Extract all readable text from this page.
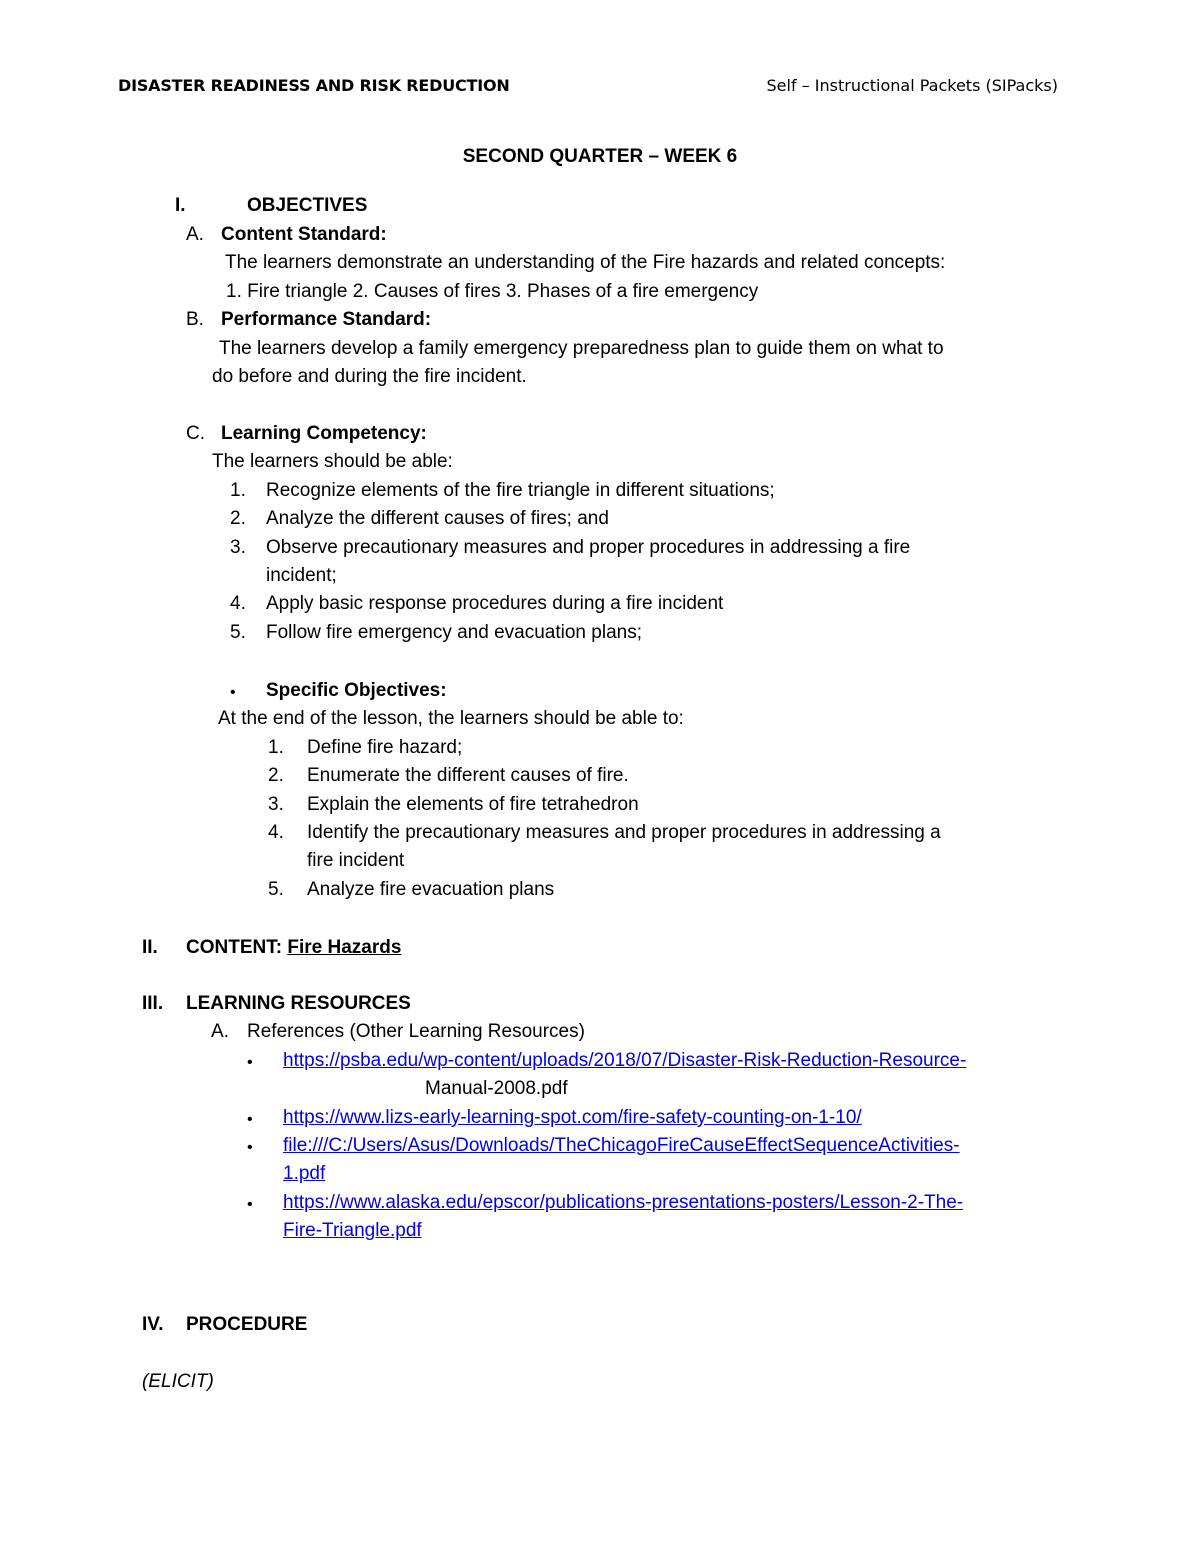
DISASTER READINESS AND RISK REDUCTION	Self – Instructional Packets (SIPacks)
SECOND QUARTER – WEEK 6
I.	OBJECTIVES
A. Content Standard:
The learners demonstrate an understanding of the Fire hazards and related concepts:
1. Fire triangle 2. Causes of fires 3. Phases of a fire emergency
B. Performance Standard:
The learners develop a family emergency preparedness plan to guide them on what to
do before and during the fire incident.
C. Learning Competency:
The learners should be able:
1. Recognize elements of the fire triangle in different situations;
2. Analyze the different causes of fires; and
3. Observe precautionary measures and proper procedures in addressing a fire
incident;
4. Apply basic response procedures during a fire incident
5. Follow fire emergency and evacuation plans;
• Specific Objectives:
At the end of the lesson, the learners should be able to:
1. Define fire hazard;
2. Enumerate the different causes of fire.
3. Explain the elements of fire tetrahedron
4. Identify the precautionary measures and proper procedures in addressing a
fire incident
5. Analyze fire evacuation plans
II. CONTENT: Fire Hazards
III. LEARNING RESOURCES
A. References (Other Learning Resources)
• https://psba.edu/wp-content/uploads/2018/07/Disaster-Risk-Reduction-Resource-
Manual-2008.pdf
• https://www.lizs-early-learning-spot.com/fire-safety-counting-on-1-10/
• file:///C:/Users/Asus/Downloads/TheChicagoFireCauseEffectSequenceActivities-
1.pdf
• https://www.alaska.edu/epscor/publications-presentations-posters/Lesson-2-The-
Fire-Triangle.pdf
IV. PROCEDURE
(ELICIT)
